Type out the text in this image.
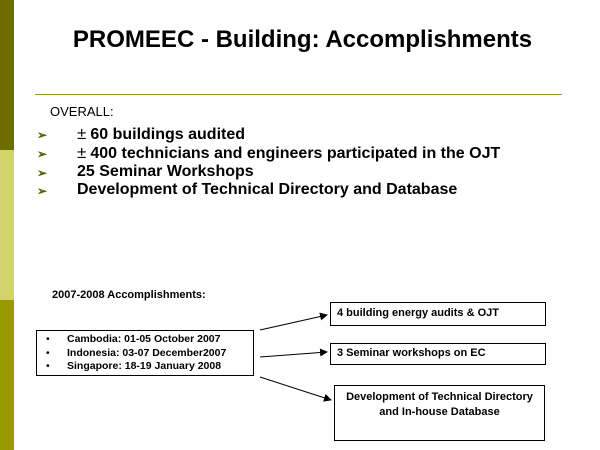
PROMEEC - Building: Accomplishments
OVERALL:
➢ ± 60 buildings audited
➢ ± 400 technicians and engineers participated in the OJT
➢ 25 Seminar Workshops
➢ Development of Technical Directory and Database
2007-2008 Accomplishments:
• Cambodia: 01-05 October 2007
• Indonesia: 03-07 December2007
• Singapore: 18-19 January 2008
4 building energy audits & OJT
3 Seminar workshops on EC
Development of Technical Directory and In-house Database
